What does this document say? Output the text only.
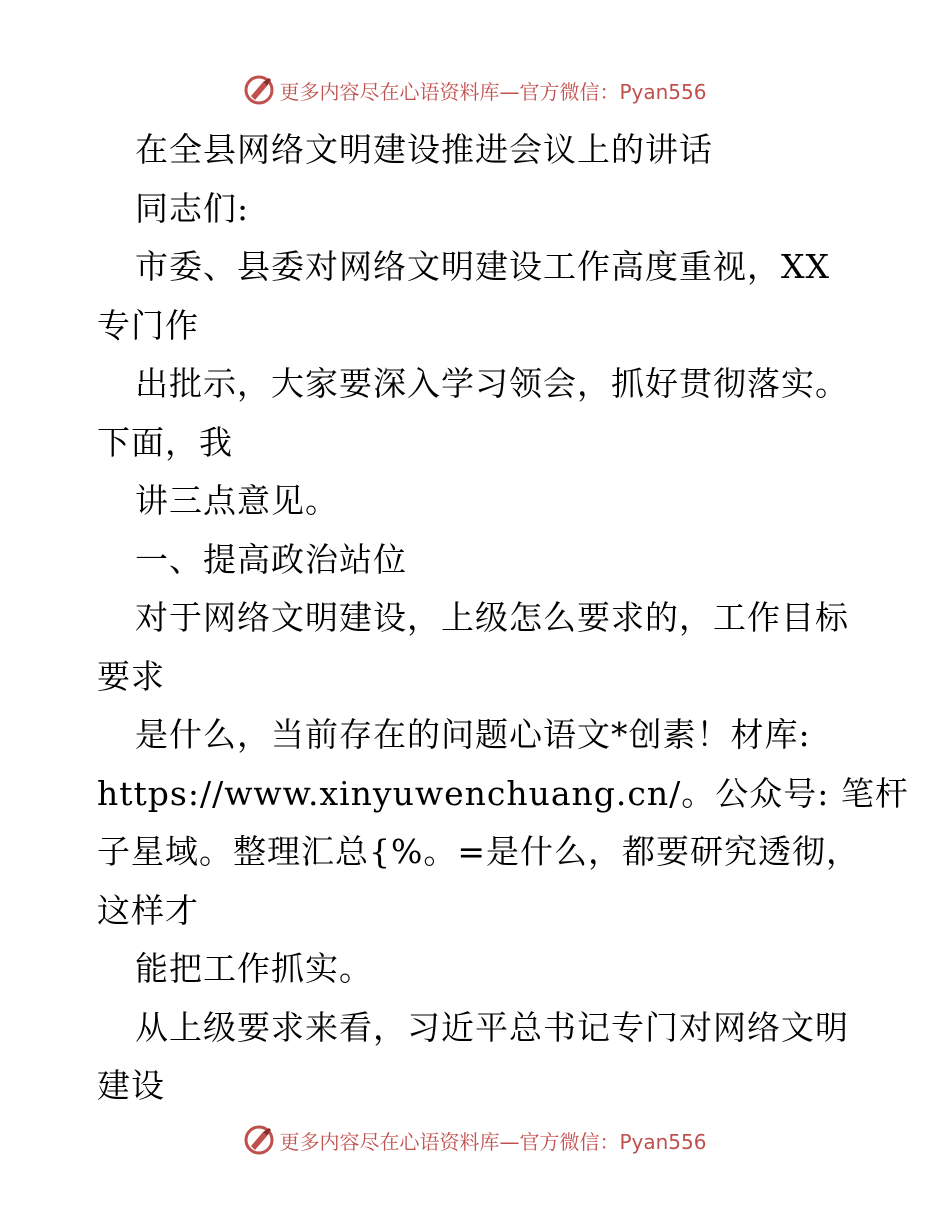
更多内容尽在心语资料库—官方微信：Pyan556
在全县网络文明建设推进会议上的讲话
同志们:
市委、县委对网络文明建设工作高度重视，XX
专门作
出批示，大家要深入学习领会，抓好贯彻落实。
下面，我
讲三点意见。
一、提高政治站位
对于网络文明建设，上级怎么要求的，工作目标
要求
是什么，当前存在的问题心语文*创素！材库:
https://www.xinyuwenchuang.cn/。公众号: 笔杆
子星域。整理汇总{%。=是什么，都要研究透彻，
这样才
能把工作抓实。
从上级要求来看，习近平总书记专门对网络文明
建设
更多内容尽在心语资料库—官方微信：Pyan556
